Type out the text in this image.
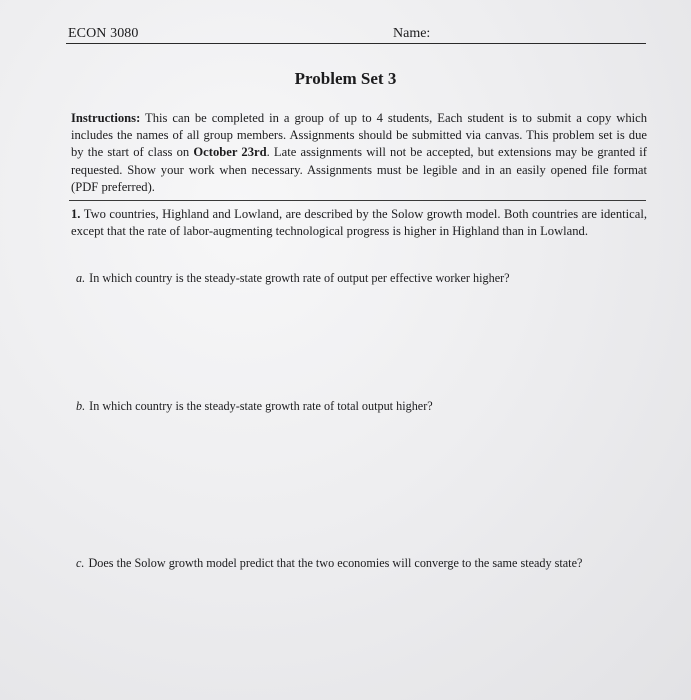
ECON 3080	Name:
Problem Set 3
Instructions: This can be completed in a group of up to 4 students, Each student is to submit a copy which includes the names of all group members. Assignments should be submitted via canvas. This problem set is due by the start of class on October 23rd. Late assignments will not be accepted, but extensions may be granted if requested. Show your work when necessary. Assignments must be legible and in an easily opened file format (PDF preferred).
1. Two countries, Highland and Lowland, are described by the Solow growth model. Both countries are identical, except that the rate of labor-augmenting technological progress is higher in Highland than in Lowland.
a. In which country is the steady-state growth rate of output per effective worker higher?
b. In which country is the steady-state growth rate of total output higher?
c. Does the Solow growth model predict that the two economies will converge to the same steady state?
